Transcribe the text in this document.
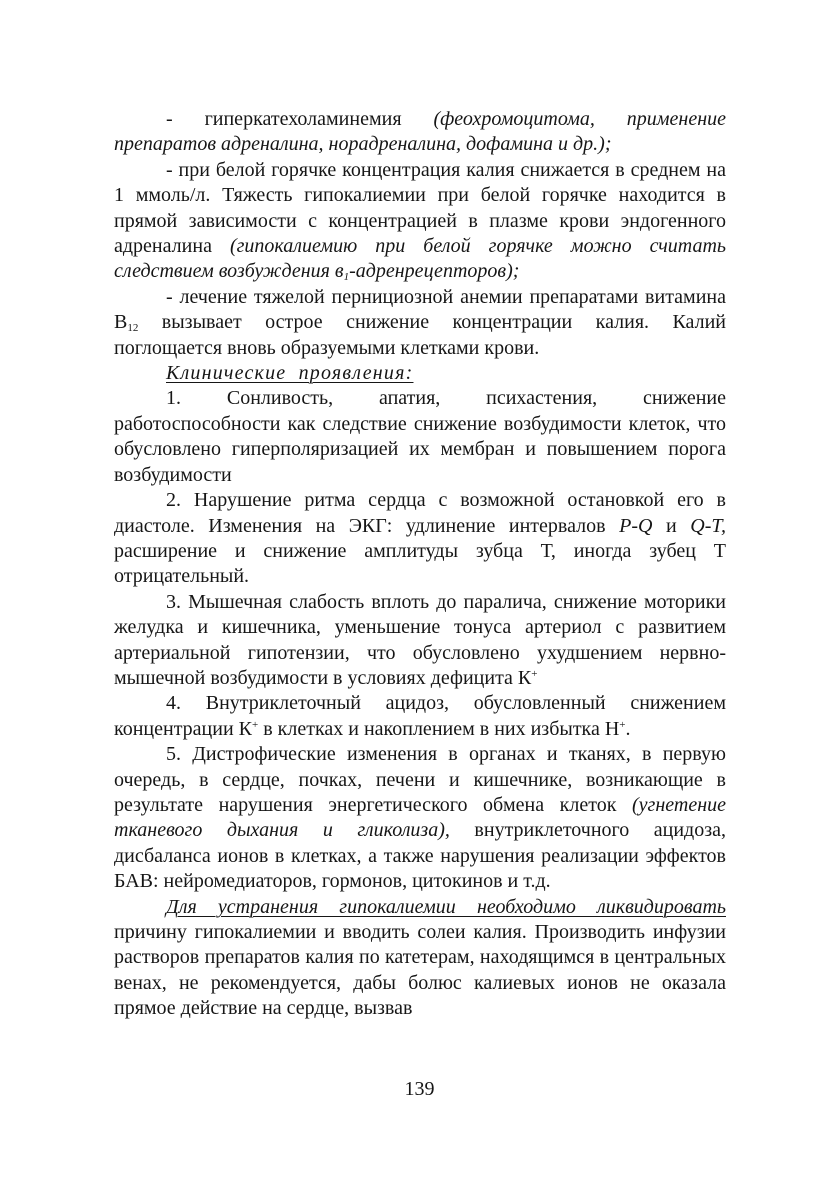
- гиперкатехоламинемия (феохромоцитома, применение препаратов адреналина, норадреналина, дофамина и др.);

- при белой горячке концентрация калия снижается в среднем на 1 ммоль/л. Тяжесть гипокалиемии при белой горячке находится в прямой зависимости с концентрацией в плазме крови эндогенного адреналина (гипокалиемию при белой горячке можно считать следствием возбуждения $в_1-адренрецепторов$);

- лечение тяжелой пернициозной анемии препаратами витамина $В_{12}$ вызывает острое снижение концентрации калия. Калий поглощается вновь образуемыми клетками крови.

Клинические проявления:

1. Сонливость, апатия, психастения, снижение работоспособности как следствие снижение возбудимости клеток, что обусловлено гиперполяризацией их мембран и повышением порога возбудимости

2. Нарушение ритма сердца с возможной остановкой его в диастоле. Изменения на ЭКГ: удлинение интервалов P-Q и Q-T, расширение и снижение амплитуды зубца Т, иногда зубец Т отрицательный.

3. Мышечная слабость вплоть до паралича, снижение моторики желудка и кишечника, уменьшение тонуса артериол с развитием артериальной гипотензии, что обусловлено ухудшением нервно-мышечной возбудимости в условиях дефицита К+

4. Внутриклеточный ацидоз, обусловленный снижением концентрации К+ в клетках и накоплением в них избытка Н+.

5. Дистрофические изменения в органах и тканях, в первую очередь, в сердце, почках, печени и кишечнике, возникающие в результате нарушения энергетического обмена клеток (угнетение тканевого дыхания и гликолиза), внутриклеточного ацидоза, дисбаланса ионов в клетках, а также нарушения реализации эффектов БАВ: нейромедиаторов, гормонов, цитокинов и т.д.

Для устранения гипокалиемии необходимо ликвидировать причину гипокалиемии и вводить солеи калия. Производить инфузии растворов препаратов калия по катетерам, находящимся в центральных венах, не рекомендуется, дабы болюс калиевых ионов не оказала прямое действие на сердце, вызвав

139
